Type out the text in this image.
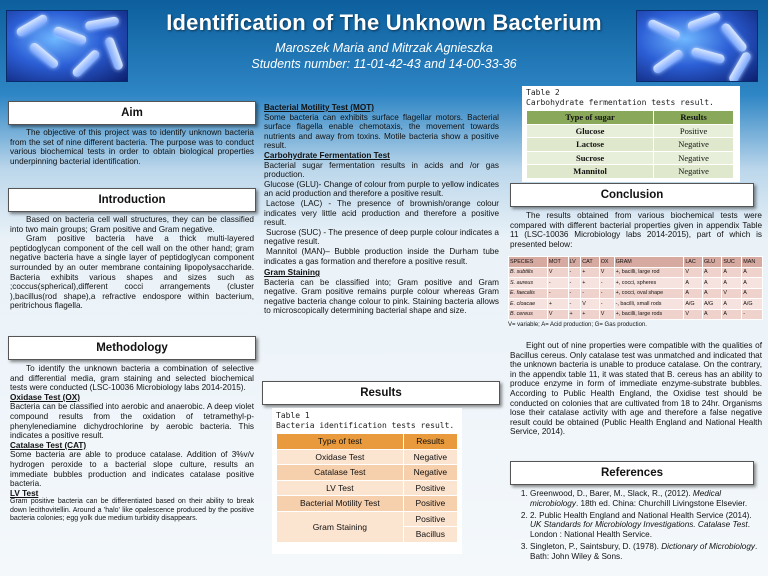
Identification of The Unknown Bacterium
Maroszek Maria and Mitrzak Agnieszka
Students number: 11-01-42-43 and 14-00-33-36
Aim

The objective of this project was to identify unknown bacteria from the set of nine different bacteria. The purpose was to conduct various biochemical tests in order to obtain biological properties underpinning bacterial identification.

Introduction

Based on bacteria cell wall structures, they can be classified into two main groups; Gram positive and Gram negative.

Gram positive bacteria have a thick multi-layered peptidoglycan component of the cell wall on the other hand; gram negative bacteria have a single layer of peptidoglycan component surrounded by an outer membrane containing lipopolysaccharide. Bacteria exhibits various shapes and sizes such as ;coccus(spherical),different cocci arrangements (cluster ),bacillus(rod shape),a refractive endospore within bacterium, peritrichous flagella.

Methodology

To identify the unknown bacteria a combination of selective and differential media, gram staining and selected biochemical tests were conducted (LSC-10036 Microbiology labs 2014-2015).

Oxidase Test (OX)

Bacteria can be classified into aerobic and anaerobic. A deep violet compound results from the oxidation of tetramethyl-p-phenylenediamine dichydrochlorine by aerobic bacteria. This indicates a positive result.

Catalase Test (CAT)

Some bacteria are able to produce catalase. Addition of 3%v/v hydrogen peroxide to a bacterial slope culture, results an immediate bubbles production and indicates catalase positive bacteria.

LV Test

Gram positive bacteria can be differentiated based on their ability to break down lecithovitellin. Around a 'halo' like opalescence produced by the positive bacteria colonies; egg yolk due medium turbidity disappears.

Bacterial Motility Test (MOT)

Some bacteria can exhibits surface flagellar motors. Bacterial surface flagella enable chemotaxis, the movement towards nutrients and away from toxins. Motile bacteria show a positive result.

Carbohydrate Fermentation Test

Bacterial sugar fermentation results in acids and /or gas production.

Glucose (GLU)- Change of colour from purple to yellow indicates an acid production and therefore a positive result.

Lactose (LAC) - The presence of brownish/orange colour indicates very little acid production and therefore a positive result.

Sucrose (SUC) - The presence of deep purple colour indicates a negative result.

Mannitol (MAN)– Bubble production inside the Durham tube indicates a gas formation and therefore a positive result.

Gram Staining

Bacteria can be classified into; Gram positive and Gram negative. Gram positive remains purple colour whereas Gram negative bacteria change colour to pink. Staining bacteria allows to microscopically determining bacterial shape and size.

Results
Table 1
Bacteria identification tests result.
Type of test	Results
Oxidase Test	Negative
Catalase Test	Negative
LV Test	Positive
Bacterial Motility Test	Positive
Gram Staining	Positive
	Bacillus
Table 2
Carbohydrate fermentation tests result.
Type of sugar	Results
Glucose	Positive
Lactose	Negative
Sucrose	Negative
Mannitol	Negative
Conclusion

The results obtained from various biochemical tests were compared with different bacterial properties given in appendix Table 11 (LSC-10036 Microbiology labs 2014-2015), part of which is presented below:

SPECIES	MOT	LV	CAT	OX	GRAM	LAC	GLU	SUC	MAN
B. subtilis	V	-	+	V	+, bacilli, large rod	V	A	A	A
S. aureus	-	-	+	-	+, cocci, spheres	A	A	A	A
E. faecalis	-	-	-	-	+, cocci, oval shape	A	A	V	A
E. cloacae	+	-	V	-	-, bacilli, small rods	A/G	A/G	A	A/G
B. cereus	V	+	+	V	+, bacilli, large rods	V	A	A	-
V= variable; A= Acid production; G= Gas production.

Eight out of nine properties were compatible with the qualities of Bacillus cereus. Only catalase test was unmatched and indicated that the unknown bacteria is unable to produce catalase. On the contrary, in the appendix table 11, it was stated that B. cereus has an ability to produce enzyme in form of immediate enzyme-substrate bubbles. According to Public Health England, the Oxidise test should be conducted on colonies that are cultivated from 18 to 24hr. Organisms lose their catalase activity with age and therefore a false negative result could be obtained (Public Health England and National Health Service, 2014).

References
1. Greenwood, D., Barer, M., Slack, R., (2012). Medical microbiology. 18th ed. China: Churchill Livingstone Elsevier.
2. 2. Public Health England and National Health Service (2014). UK Standards for Microbiology Investigations. Catalase Test. London : National Health Service.
3. Singleton, P., Saintsbury, D. (1978). Dictionary of Microbiology. Bath: John Wiley & Sons.
